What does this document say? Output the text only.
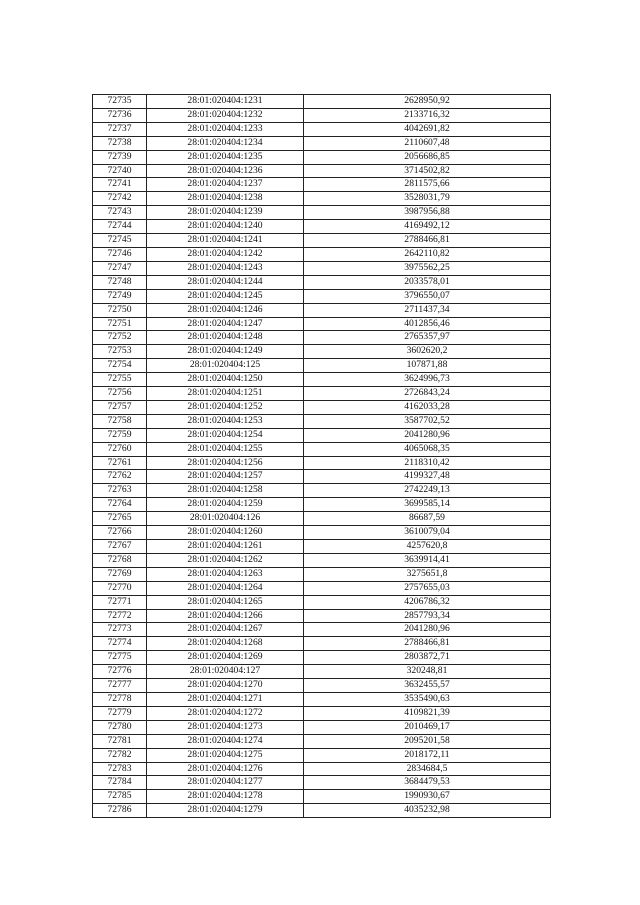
72735	28:01:020404:1231	2628950,92
72736	28:01:020404:1232	2133716,32
72737	28:01:020404:1233	4042691,82
72738	28:01:020404:1234	2110607,48
72739	28:01:020404:1235	2056686,85
72740	28:01:020404:1236	3714502,82
72741	28:01:020404:1237	2811575,66
72742	28:01:020404:1238	3528031,79
72743	28:01:020404:1239	3987956,88
72744	28:01:020404:1240	4169492,12
72745	28:01:020404:1241	2788466,81
72746	28:01:020404:1242	2642110,82
72747	28:01:020404:1243	3975562,25
72748	28:01:020404:1244	2033578,01
72749	28:01:020404:1245	3796550,07
72750	28:01:020404:1246	2711437,34
72751	28:01:020404:1247	4012856,46
72752	28:01:020404:1248	2765357,97
72753	28:01:020404:1249	3602620,2
72754	28:01:020404:125	107871,88
72755	28:01:020404:1250	3624996,73
72756	28:01:020404:1251	2726843,24
72757	28:01:020404:1252	4162033,28
72758	28:01:020404:1253	3587702,52
72759	28:01:020404:1254	2041280,96
72760	28:01:020404:1255	4065068,35
72761	28:01:020404:1256	2118310,42
72762	28:01:020404:1257	4199327,48
72763	28:01:020404:1258	2742249,13
72764	28:01:020404:1259	3699585,14
72765	28:01:020404:126	86687,59
72766	28:01:020404:1260	3610079,04
72767	28:01:020404:1261	4257620,8
72768	28:01:020404:1262	3639914,41
72769	28:01:020404:1263	3275651,8
72770	28:01:020404:1264	2757655,03
72771	28:01:020404:1265	4206786,32
72772	28:01:020404:1266	2857793,34
72773	28:01:020404:1267	2041280,96
72774	28:01:020404:1268	2788466,81
72775	28:01:020404:1269	2803872,71
72776	28:01:020404:127	320248,81
72777	28:01:020404:1270	3632455,57
72778	28:01:020404:1271	3535490,63
72779	28:01:020404:1272	4109821,39
72780	28:01:020404:1273	2010469,17
72781	28:01:020404:1274	2095201,58
72782	28:01:020404:1275	2018172,11
72783	28:01:020404:1276	2834684,5
72784	28:01:020404:1277	3684479,53
72785	28:01:020404:1278	1990930,67
72786	28:01:020404:1279	4035232,98
